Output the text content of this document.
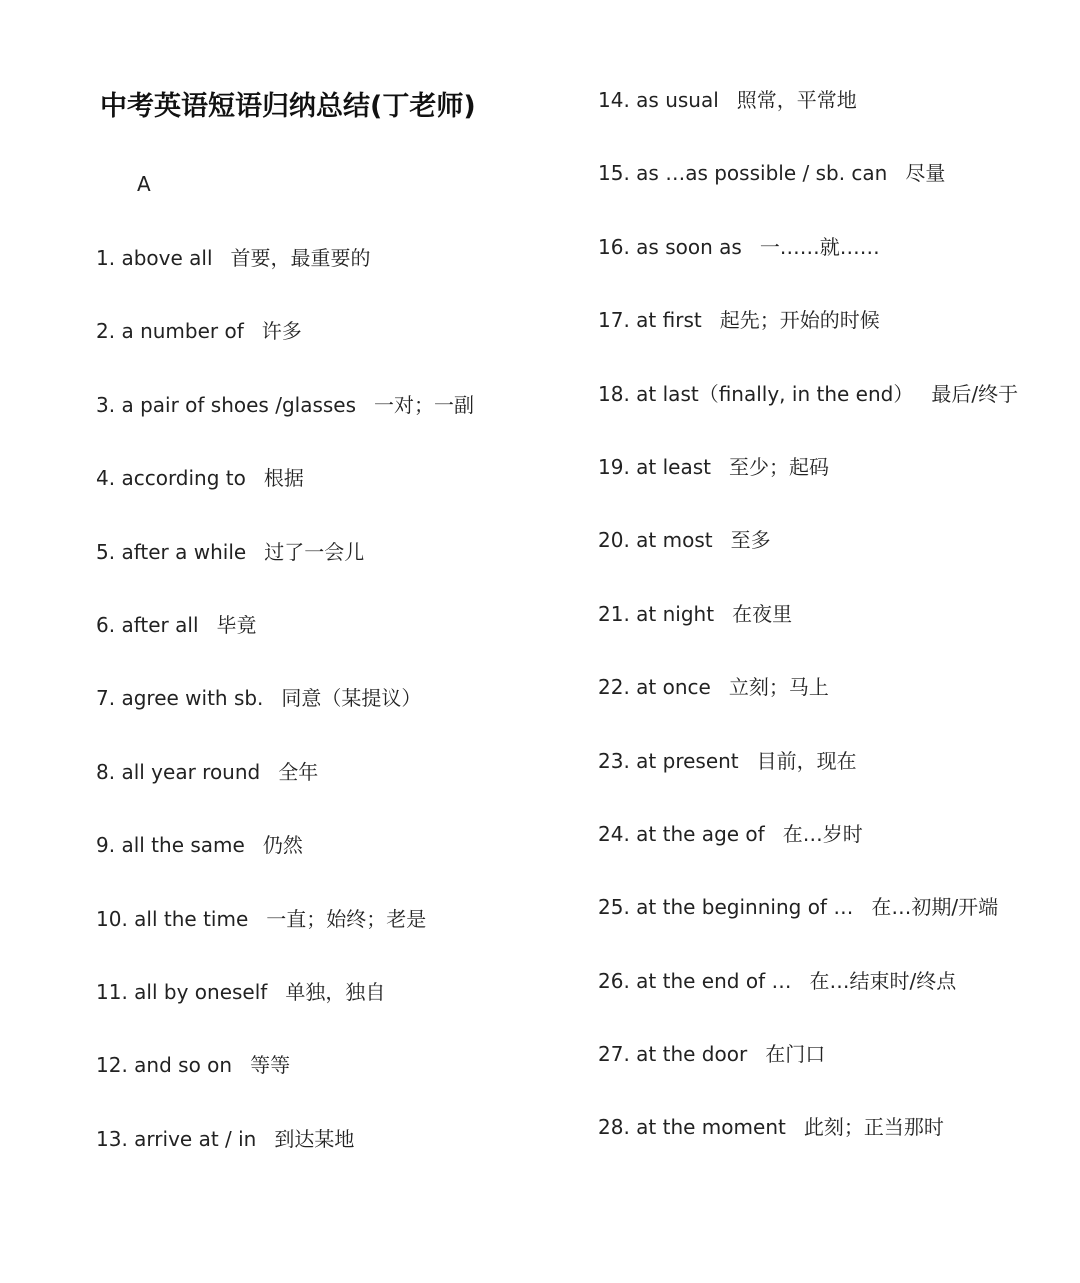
中考英语短语归纳总结(丁老师)
A
1. above all 首要，最重要的
2. a number of 许多
3. a pair of shoes /glasses 一对；一副
4. according to 根据
5. after a while 过了一会儿
6. after all 毕竟
7. agree with sb. 同意（某提议）
8. all year round 全年
9. all the same 仍然
10. all the time 一直；始终；老是
11. all by oneself 单独，独自
12. and so on 等等
13. arrive at / in 到达某地
14. as usual 照常，平常地
15. as …as possible / sb. can 尽量
16. as soon as 一……就……
17. at first 起先；开始的时候
18. at last（finally, in the end） 最后/终于
19. at least 至少；起码
20. at most 至多
21. at night 在夜里
22. at once 立刻；马上
23. at present 目前，现在
24. at the age of 在…岁时
25. at the beginning of … 在…初期/开端
26. at the end of … 在…结束时/终点
27. at the door 在门口
28. at the moment 此刻；正当那时
